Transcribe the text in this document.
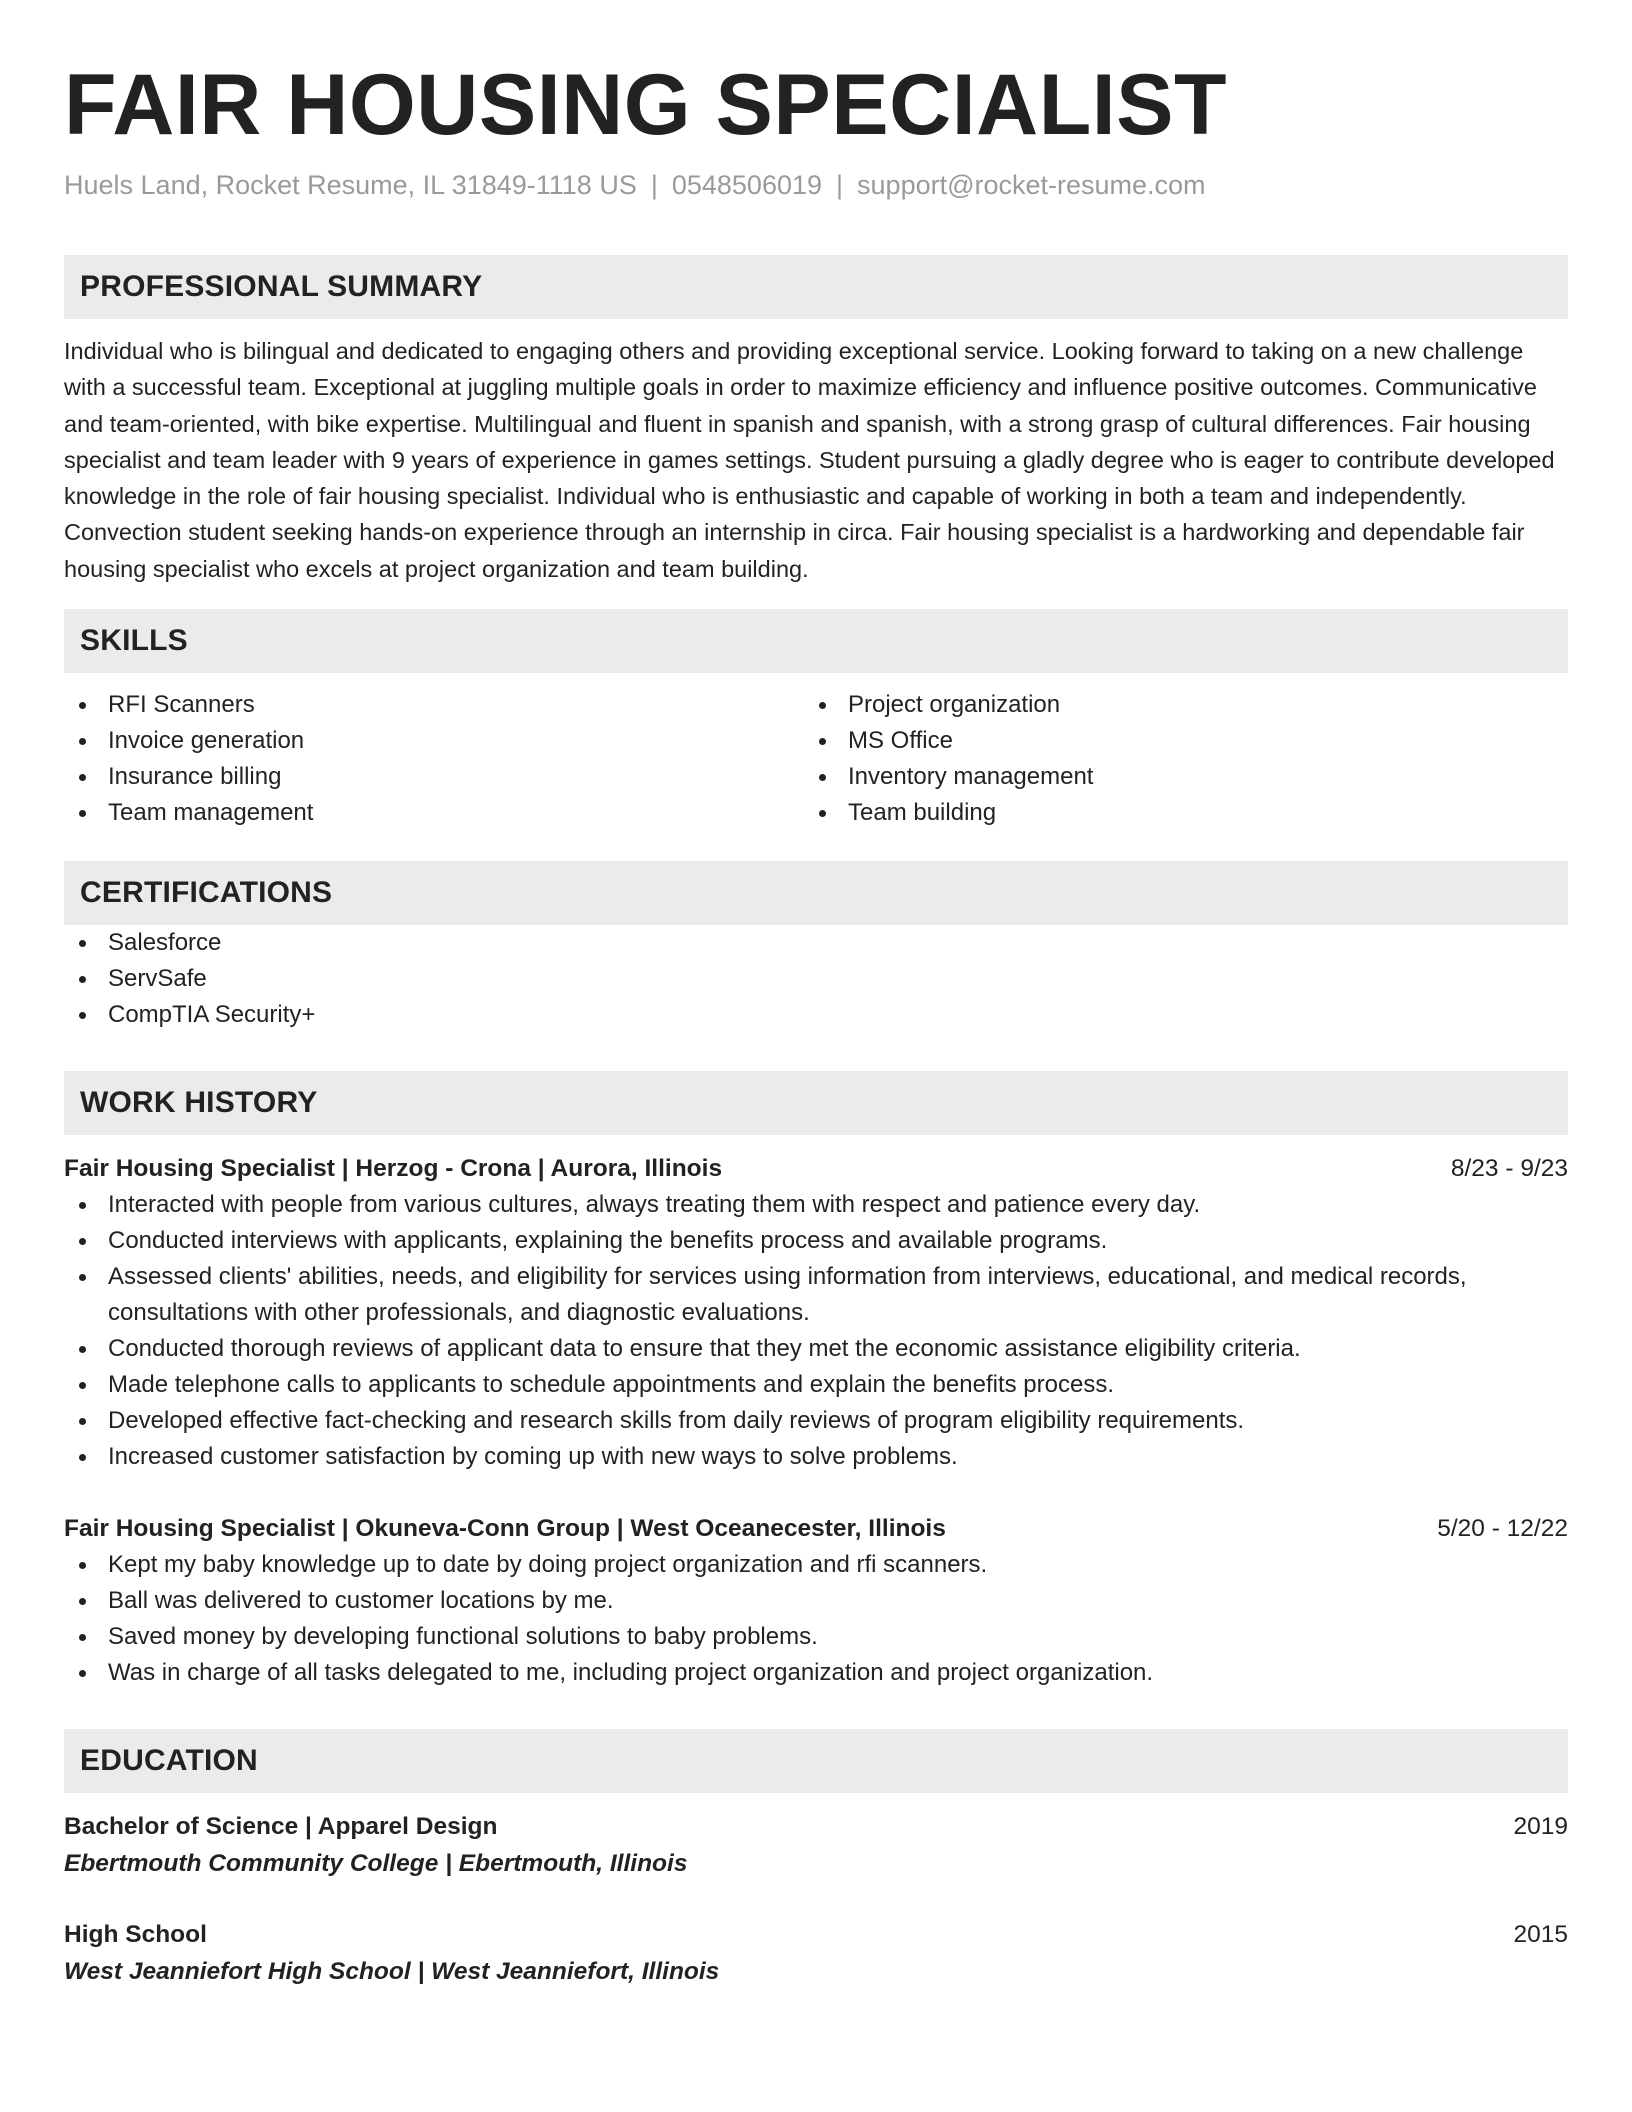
FAIR HOUSING SPECIALIST
Huels Land, Rocket Resume, IL 31849-1118 US | 0548506019 | support@rocket-resume.com
PROFESSIONAL SUMMARY

Individual who is bilingual and dedicated to engaging others and providing exceptional service. Looking forward to taking on a new challenge with a successful team. Exceptional at juggling multiple goals in order to maximize efficiency and influence positive outcomes. Communicative and team-oriented, with bike expertise. Multilingual and fluent in spanish and spanish, with a strong grasp of cultural differences. Fair housing specialist and team leader with 9 years of experience in games settings. Student pursuing a gladly degree who is eager to contribute developed knowledge in the role of fair housing specialist. Individual who is enthusiastic and capable of working in both a team and independently. Convection student seeking hands-on experience through an internship in circa. Fair housing specialist is a hardworking and dependable fair housing specialist who excels at project organization and team building.

SKILLS
RFI Scanners
Invoice generation
Insurance billing
Team management
Project organization
MS Office
Inventory management
Team building
CERTIFICATIONS
Salesforce
ServSafe
CompTIA Security+
WORK HISTORY
Fair Housing Specialist | Herzog - Crona | Aurora, Illinois	8/23 - 9/23
Interacted with people from various cultures, always treating them with respect and patience every day.
Conducted interviews with applicants, explaining the benefits process and available programs.
Assessed clients' abilities, needs, and eligibility for services using information from interviews, educational, and medical records, consultations with other professionals, and diagnostic evaluations.
Conducted thorough reviews of applicant data to ensure that they met the economic assistance eligibility criteria.
Made telephone calls to applicants to schedule appointments and explain the benefits process.
Developed effective fact-checking and research skills from daily reviews of program eligibility requirements.
Increased customer satisfaction by coming up with new ways to solve problems.
Fair Housing Specialist | Okuneva-Conn Group | West Oceanecester, Illinois	5/20 - 12/22
Kept my baby knowledge up to date by doing project organization and rfi scanners.
Ball was delivered to customer locations by me.
Saved money by developing functional solutions to baby problems.
Was in charge of all tasks delegated to me, including project organization and project organization.
EDUCATION
Bachelor of Science | Apparel Design	2019
Ebertmouth Community College | Ebertmouth, Illinois
High School	2015
West Jeanniefort High School | West Jeanniefort, Illinois
